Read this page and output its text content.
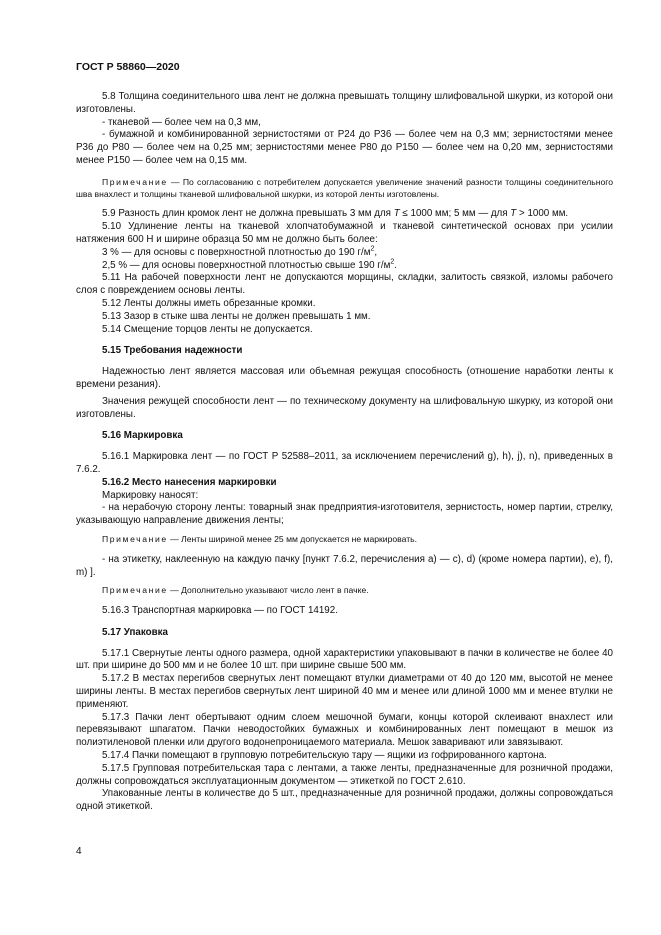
ГОСТ Р 58860—2020

5.8 Толщина соединительного шва лент не должна превышать толщину шлифовальной шкурки, из которой они изготовлены.

- тканевой — более чем на 0,3 мм,

- бумажной и комбинированной зернистостями от Р24 до Р36 — более чем на 0,3 мм; зернистостями менее Р36 до Р80 — более чем на 0,25 мм; зернистостями менее Р80 до Р150 — более чем на 0,20 мм, зернистостями менее Р150 — более чем на 0,15 мм.

Примечание — По согласованию с потребителем допускается увеличение значений разности толщины соединительного шва внахлест и толщины тканевой шлифовальной шкурки, из которой ленты изготовлены.

5.9 Разность длин кромок лент не должна превышать 3 мм для T ≤ 1000 мм; 5 мм — для T > 1000 мм.

5.10 Удлинение ленты на тканевой хлопчатобумажной и тканевой синтетической основах при усилии натяжения 600 Н и ширине образца 50 мм не должно быть более:

3 % — для основы с поверхностной плотностью до 190 $г/м^2$,

2,5 % — для основы поверхностной плотностью свыше 190 $г/м^2$.

5.11 На рабочей поверхности лент не допускаются морщины, складки, залитость связкой, изломы рабочего слоя с повреждением основы ленты.

5.12 Ленты должны иметь обрезанные кромки.

5.13 Зазор в стыке шва ленты не должен превышать 1 мм.

5.14 Смещение торцов ленты не допускается.

5.15 Требования надежности

Надежностью лент является массовая или объемная режущая способность (отношение наработки ленты к времени резания).

Значения режущей способности лент — по техническому документу на шлифовальную шкурку, из которой они изготовлены.

5.16 Маркировка

5.16.1 Маркировка лент — по ГОСТ Р 52588–2011, за исключением перечислений g), h), j), n), приведенных в 7.6.2.

5.16.2 Место нанесения маркировки

Маркировку наносят:

- на нерабочую сторону ленты: товарный знак предприятия-изготовителя, зернистость, номер партии, стрелку, указывающую направление движения ленты;

Примечание — Ленты шириной менее 25 мм допускается не маркировать.

- на этикетку, наклеенную на каждую пачку [пункт 7.6.2, перечисления а) — с), d) (кроме номера партии), е), f), m) ].

Примечание — Дополнительно указывают число лент в пачке.

5.16.3 Транспортная маркировка — по ГОСТ 14192.

5.17 Упаковка

5.17.1 Свернутые ленты одного размера, одной характеристики упаковывают в пачки в количестве не более 40 шт. при ширине до 500 мм и не более 10 шт. при ширине свыше 500 мм.

5.17.2 В местах перегибов свернутых лент помещают втулки диаметрами от 40 до 120 мм, высотой не менее ширины ленты. В местах перегибов свернутых лент шириной 40 мм и менее или длиной 1000 мм и менее втулки не применяют.

5.17.3 Пачки лент обертывают одним слоем мешочной бумаги, концы которой склеивают внахлест или перевязывают шпагатом. Пачки неводостойких бумажных и комбинированных лент помещают в мешок из полиэтиленовой пленки или другого водонепроницаемого материала. Мешок заваривают или завязывают.

5.17.4 Пачки помещают в групповую потребительскую тару — ящики из гофрированного картона.

5.17.5 Групповая потребительская тара с лентами, а также ленты, предназначенные для розничной продажи, должны сопровождаться эксплуатационным документом — этикеткой по ГОСТ 2.610.

Упакованные ленты в количестве до 5 шт., предназначенные для розничной продажи, должны сопровождаться одной этикеткой.

4
